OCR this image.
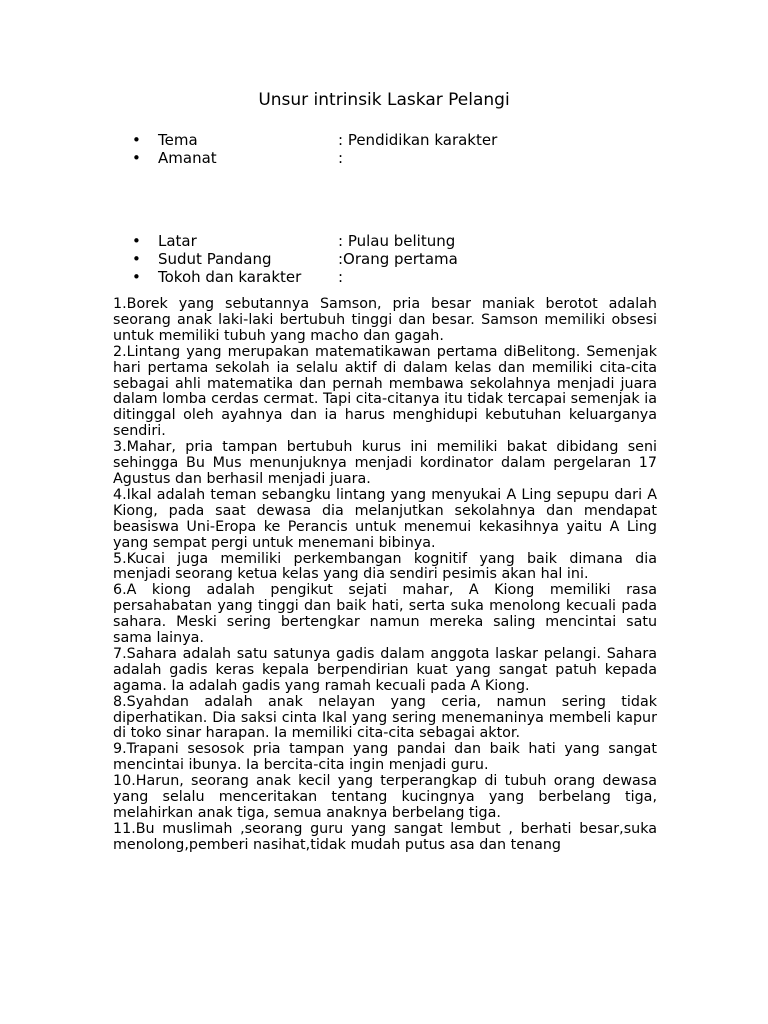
Unsur intrinsik Laskar Pelangi
•	Tema	: Pendidikan karakter
•	Amanat	:
•	Latar	: Pulau belitung
•	Sudut Pandang	:Orang pertama
•	Tokoh dan karakter	:

1.Borek yang sebutannya Samson, pria besar maniak berotot adalah seorang anak laki-laki bertubuh tinggi dan besar. Samson memiliki obsesi untuk memiliki tubuh yang macho dan gagah.

2.Lintang yang merupakan matematikawan pertama diBelitong. Semenjak hari pertama sekolah ia selalu aktif di dalam kelas dan memiliki cita-cita sebagai ahli matematika dan pernah membawa sekolahnya menjadi juara dalam lomba cerdas cermat. Tapi cita-citanya itu tidak tercapai semenjak ia ditinggal oleh ayahnya dan ia harus menghidupi kebutuhan keluarganya sendiri.

3.Mahar, pria tampan bertubuh kurus ini memiliki bakat dibidang seni sehingga Bu Mus menunjuknya menjadi kordinator dalam pergelaran 17 Agustus dan berhasil menjadi juara.

4.Ikal adalah teman sebangku lintang yang menyukai A Ling sepupu dari A Kiong, pada saat dewasa dia melanjutkan sekolahnya dan mendapat beasiswa Uni-Eropa ke Perancis untuk menemui kekasihnya yaitu A Ling yang sempat pergi untuk menemani bibinya.

5.Kucai juga memiliki perkembangan kognitif yang baik dimana dia menjadi seorang ketua kelas yang dia sendiri pesimis akan hal ini.

6.A kiong adalah pengikut sejati mahar, A Kiong memiliki rasa persahabatan yang tinggi dan baik hati, serta suka menolong kecuali pada sahara. Meski sering bertengkar namun mereka saling mencintai satu sama lainya.

7.Sahara adalah satu satunya gadis dalam anggota laskar pelangi. Sahara adalah gadis keras kepala berpendirian kuat yang sangat patuh kepada agama. Ia adalah gadis yang ramah kecuali pada A Kiong.

8.Syahdan adalah anak nelayan yang ceria, namun sering tidak diperhatikan. Dia saksi cinta Ikal yang sering menemaninya membeli kapur di toko sinar harapan. Ia memiliki cita-cita sebagai aktor.

9.Trapani sesosok pria tampan yang pandai dan baik hati yang sangat mencintai ibunya. Ia bercita-cita ingin menjadi guru.

10.Harun, seorang anak kecil yang terperangkap di tubuh orang dewasa yang selalu menceritakan tentang kucingnya yang berbelang tiga, melahirkan anak tiga, semua anaknya berbelang tiga.

11.Bu muslimah ,seorang guru yang sangat lembut , berhati besar,suka menolong,pemberi nasihat,tidak mudah putus asa dan tenang
